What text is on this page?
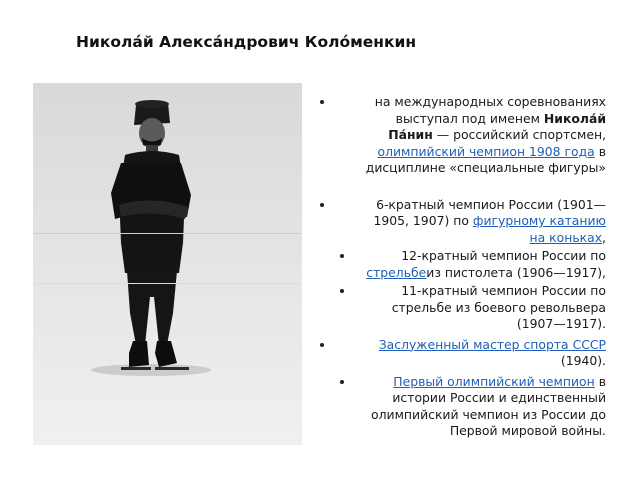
Никола́й Алекса́ндрович Коло́менкин
на международных соревнованиях выступал под именем Никола́й Па́нин — российский спортсмен, олимпийский чемпион 1908 года в дисциплине «специальные фигуры»
6-кратный чемпион России (1901—1905, 1907) по фигурному катанию на коньках,
12-кратный чемпион России по стрельбеиз пистолета (1906—1917),
11-кратный чемпион России по стрельбе из боевого револьвера (1907—1917).
Заслуженный мастер спорта СССР (1940).
Первый олимпийский чемпион в истории России и единственный олимпийский чемпион из России до Первой мировой войны.
